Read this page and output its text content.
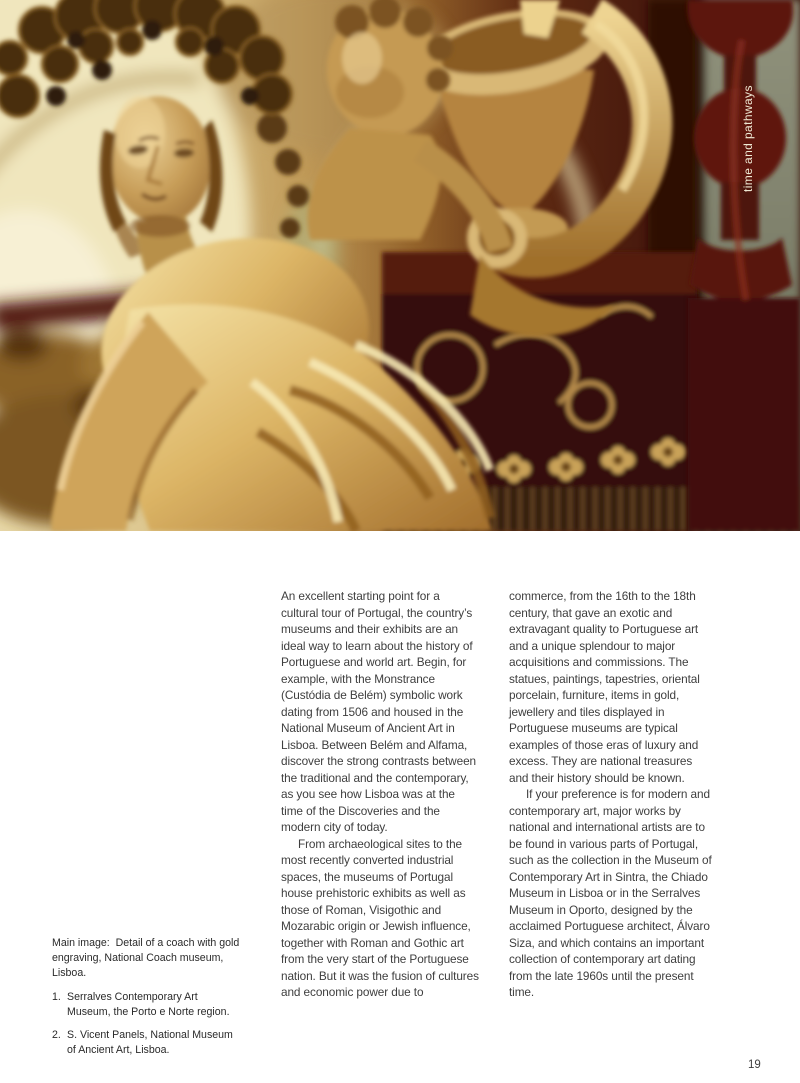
time and pathways

An excellent starting point for a cultural tour of Portugal, the country’s museums and their exhibits are an ideal way to learn about the history of Portuguese and world art. Begin, for example, with the Monstrance (Custódia de Belém) symbolic work dating from 1506 and housed in the National Museum of Ancient Art in Lisboa. Between Belém and Alfama, discover the strong contrasts between the traditional and the contemporary, as you see how Lisboa was at the time of the Discoveries and the modern city of today.

From archaeological sites to the most recently converted industrial spaces, the museums of Portugal house prehistoric exhibits as well as those of Roman, Visigothic and Mozarabic origin or Jewish influence, together with Roman and Gothic art from the very start of the Portuguese nation. But it was the fusion of cultures and economic power due to

commerce, from the 16th to the 18th century, that gave an exotic and extravagant quality to Portuguese art and a unique splendour to major acquisitions and commissions. The statues, paintings, tapestries, oriental porcelain, furniture, items in gold, jewellery and tiles displayed in Portuguese museums are typical examples of those eras of luxury and excess. They are national treasures and their history should be known.

If your preference is for modern and contemporary art, major works by national and international artists are to be found in various parts of Portugal, such as the collection in the Museum of Contemporary Art in Sintra, the Chiado Museum in Lisboa or in the Serralves Museum in Oporto, designed by the acclaimed Portuguese architect, Álvaro Siza, and which contains an important collection of contemporary art dating from the late 1960s until the present time.

Main image:  Detail of a coach with gold engraving, National Coach museum, Lisboa.

1. Serralves Contemporary Art Museum, the Porto e Norte region.
2. S. Vicent Panels, National Museum of Ancient Art, Lisboa.
19
